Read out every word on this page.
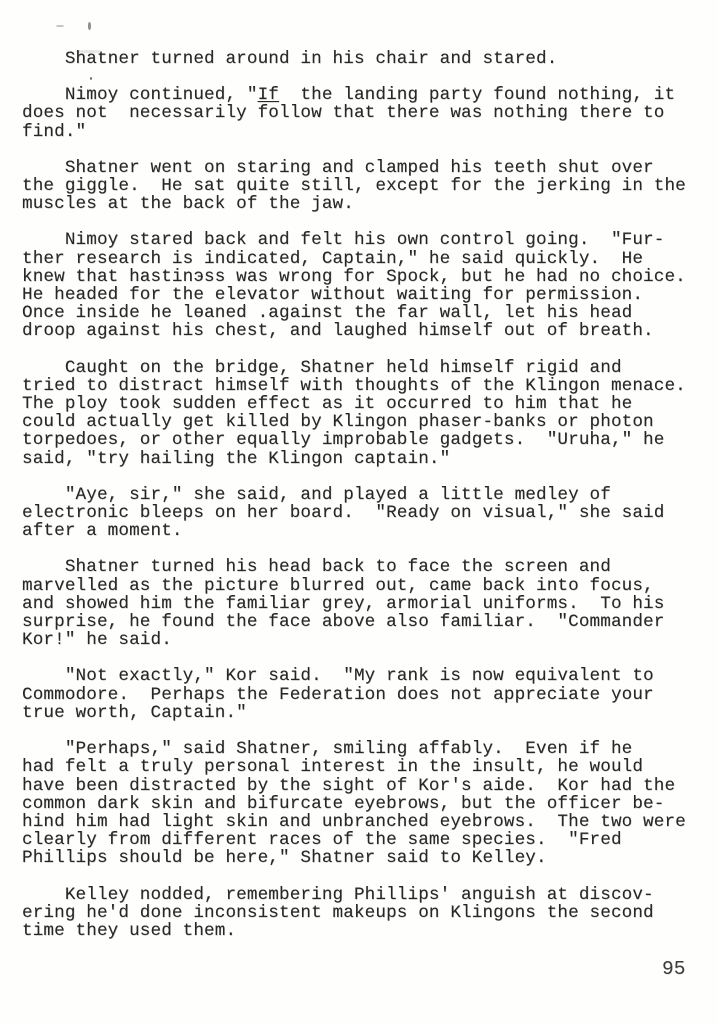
Shatner turned around in his chair and stared.

Nimoy continued, "If  the landing party found nothing, it
does not  necessarily follow that there was nothing there to
find."

Shatner went on staring and clamped his teeth shut over
the giggle.  He sat quite still, except for the jerking in the
muscles at the back of the jaw.

Nimoy stared back and felt his own control going.  "Fur-
ther research is indicated, Captain," he said quickly.  He
knew that hastinэss was wrong for Spock, but he had no choice.
He headed for the elevator without waiting for permission.
Once inside he lɵaned .against the far wall, let his head
droop against his chest, and laughed himself out of breath.

Caught on the bridge, Shatner held himself rigid and
tried to distract himself with thoughts of the Klingon menace.
The ploy took sudden effect as it occurred to him that he
could actually get killed by Klingon phaser-banks or photon
torpedoes, or other equally improbable gadgets.  "Uruha," he
said, "try hailing the Klingon captain."

"Aye, sir," she said, and played a little medley of
electronic bleeps on her board.  "Ready on visual," she said
after a moment.

Shatner turned his head back to face the screen and
marvelled as the picture blurred out, came back into focus,
and showed him the familiar grey, armorial uniforms.  To his
surprise, he found the face above also familiar.  "Commander
Kor!" he said.

"Not exactly," Kor said.  "My rank is now equivalent to
Commodore.  Perhaps the Federation does not appreciate your
true worth, Captain."

"Perhaps," said Shatner, smiling affably.  Even if he
had felt a truly personal interest in the insult, he would
have been distracted by the sight of Kor's aide.  Kor had the
common dark skin and bifurcate eyebrows, but the officer be-
hind him had light skin and unbranched eyebrows.  The two were
clearly from different races of the same species.  "Fred
Phillips should be here," Shatner said to Kelley.

Kelley nodded, remembering Phillips' anguish at discov-
ering he'd done inconsistent makeups on Klingons the second
time they used them.

95
